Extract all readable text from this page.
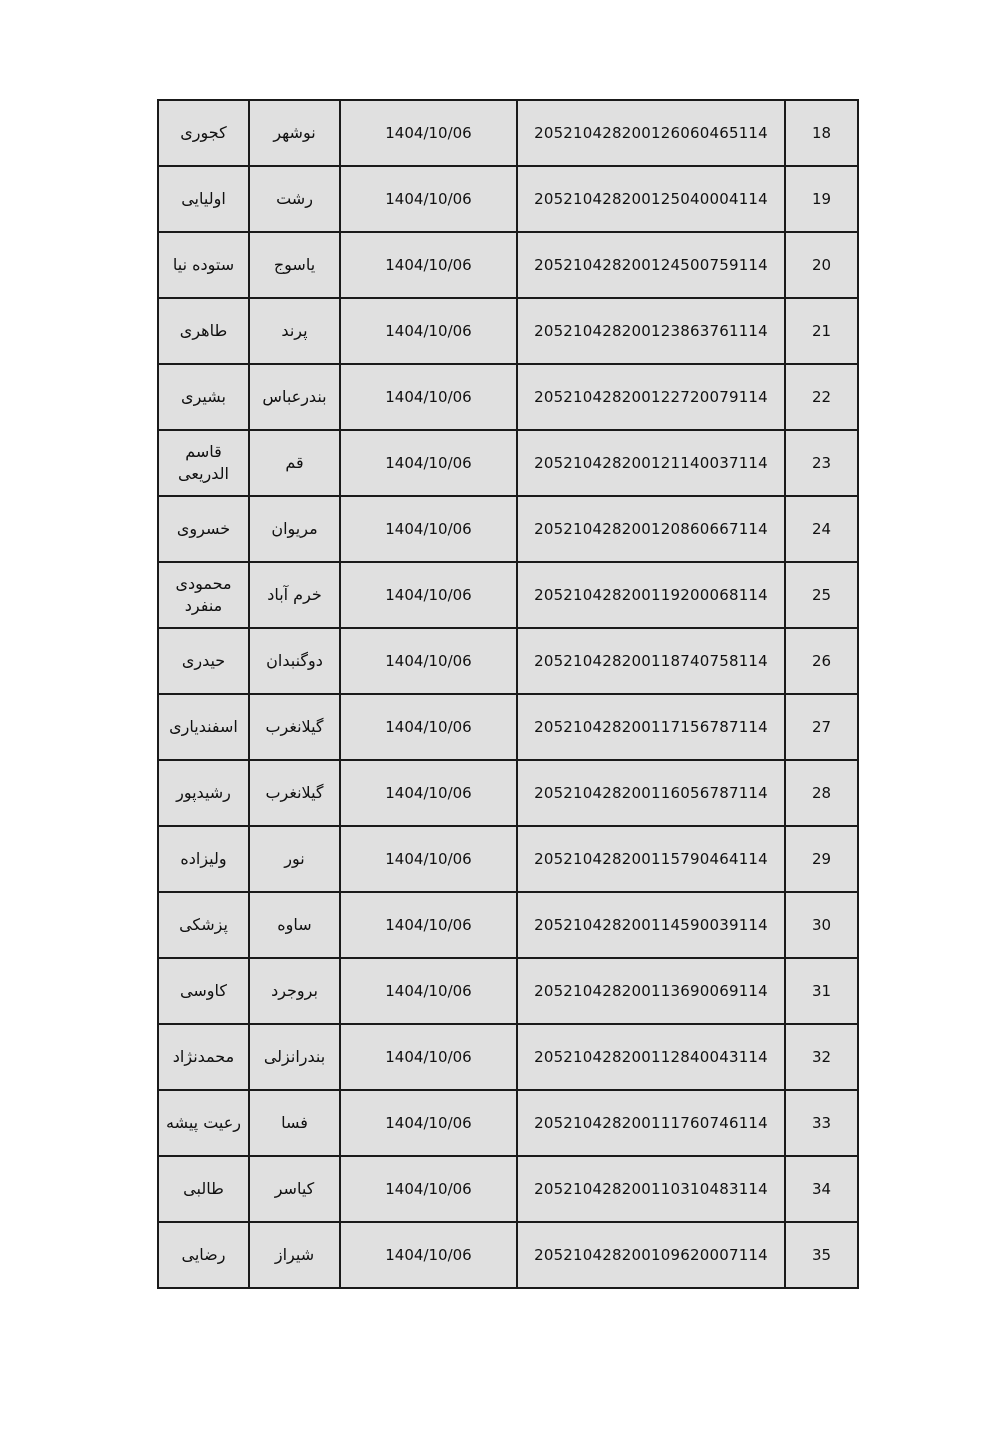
کجوری	نوشهر	1404/10/06	205210428200126060465114	18
اولیایی	رشت	1404/10/06	205210428200125040004114	19
ستوده نیا	یاسوج	1404/10/06	205210428200124500759114	20
طاهری	پرند	1404/10/06	205210428200123863761114	21
بشیری	بندرعباس	1404/10/06	205210428200122720079114	22
قاسم الدریعی	قم	1404/10/06	205210428200121140037114	23
خسروی	مریوان	1404/10/06	205210428200120860667114	24
محمودی منفرد	خرم آباد	1404/10/06	205210428200119200068114	25
حیدری	دوگنبدان	1404/10/06	205210428200118740758114	26
اسفندیاری	گیلانغرب	1404/10/06	205210428200117156787114	27
رشیدپور	گیلانغرب	1404/10/06	205210428200116056787114	28
ولیزاده	نور	1404/10/06	205210428200115790464114	29
پزشکی	ساوه	1404/10/06	205210428200114590039114	30
کاوسی	بروجرد	1404/10/06	205210428200113690069114	31
محمدنژاد	بندرانزلی	1404/10/06	205210428200112840043114	32
رعیت پیشه	فسا	1404/10/06	205210428200111760746114	33
طالبی	کیاسر	1404/10/06	205210428200110310483114	34
رضایی	شیراز	1404/10/06	205210428200109620007114	35
